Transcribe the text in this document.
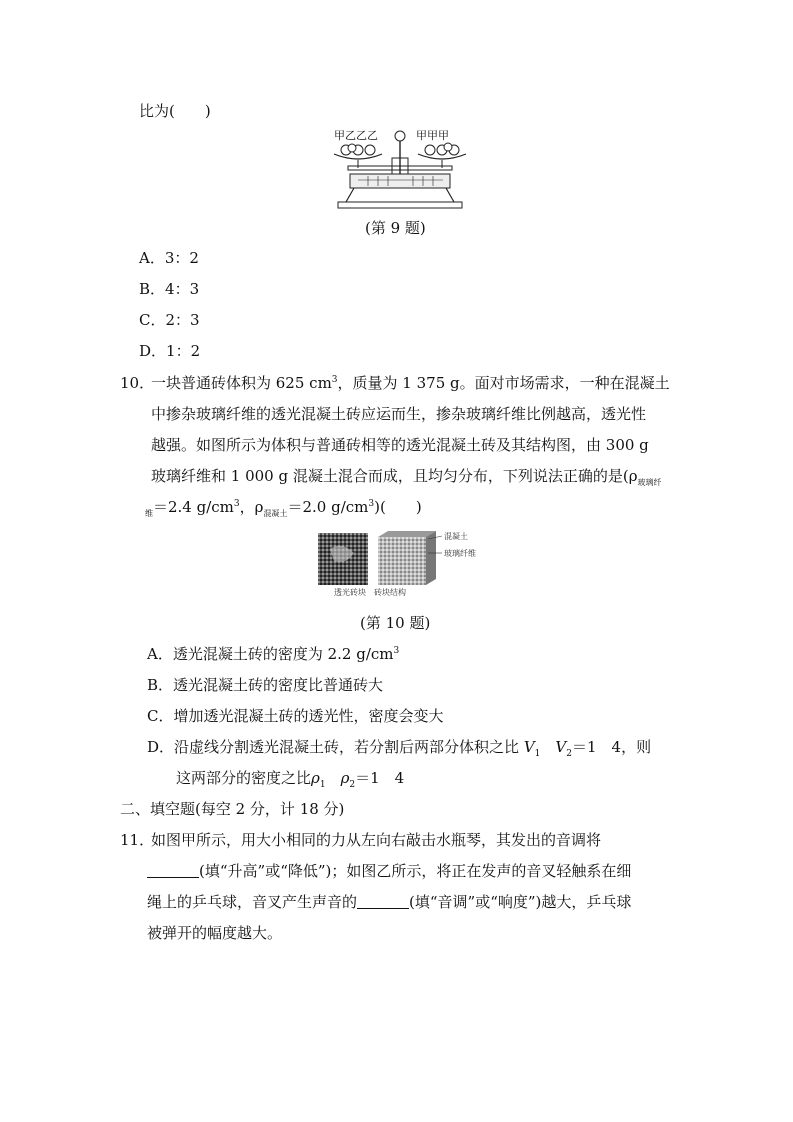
比为(　　)
甲乙乙乙	甲甲甲
(第 9 题)
A．3：2
B．4：3
C．2：3
D．1：2
10．
一块普通砖体积为 625 $cm^3$，质量为 1 375 g。面对市场需求，一种在混凝土
中掺杂玻璃纤维的透光混凝土砖应运而生，掺杂玻璃纤维比例越高，透光性
越强。如图所示为体积与普通砖相等的透光混凝土砖及其结构图，由 300 g
玻璃纤维和 1 000 g 混凝土混合而成，且均匀分布，下列说法正确的是($\rho_{玻璃纤}$
$_维$＝2.4 $g/cm^3$，$\rho_{混凝土}=2.0$ $g/cm^3$)(　　)
混凝土
玻璃纤维
透光砖块　砖块结构
(第 10 题)
A．透光混凝土砖的密度为 2.2 $g/cm^3$
B．透光混凝土砖的密度比普通砖大
C．增加透光混凝土砖的透光性，密度会变大
D．沿虚线分割透光混凝土砖，若分割后两部分体积之比 $V_1$　 $V_2=1$　4，则
这两部分的密度之比$\rho_1$　$\rho_2=1$　4
二、填空题(每空 2 分，计 18 分)
11．
如图甲所示，用大小相同的力从左向右敲击水瓶琴，其发出的音调将
(填“升高”或“降低”)；如图乙所示，将正在发声的音叉轻触系在细
绳上的乒乓球，音叉产生声音的	(填“音调”或“响度”)越大，乒乓球
被弹开的幅度越大。
